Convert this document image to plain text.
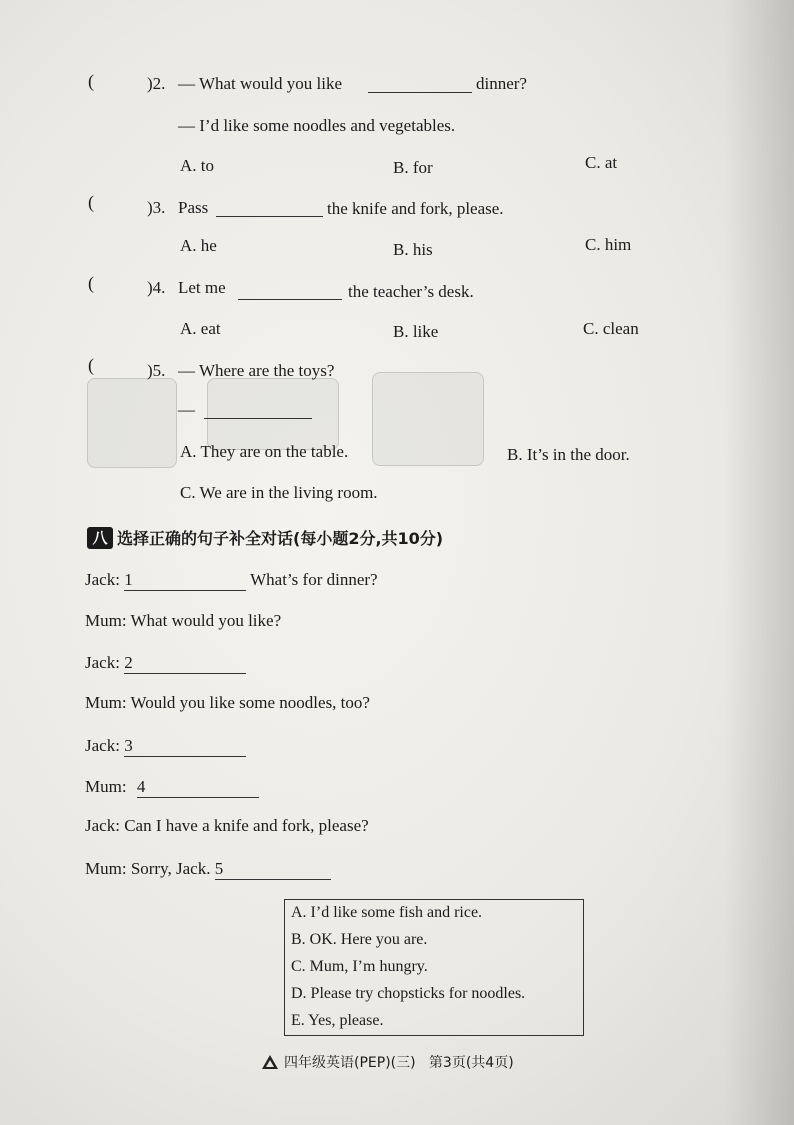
(	)2. — What would you like	dinner?
— I’d like some noodles and vegetables.
A. to	B. for	C. at
(	)3. Pass	the knife and fork, please.
A. he	B. his	C. him
(	)4. Let me	the teacher’s desk.
A. eat	B. like	C. clean
(	)5. — Where are the toys?
—
A. They are on the table.	B. It’s in the door.
C. We are in the living room.
八 选择正确的句子补全对话(每小题2分,共10分)
Jack: 1	What’s for dinner?
Mum: What would you like?
Jack: 2
Mum: Would you like some noodles, too?
Jack: 3
Mum: 4
Jack: Can I have a knife and fork, please?
Mum: Sorry, Jack. 5
A. I’d like some fish and rice.
B. OK. Here you are.
C. Mum, I’m hungry.
D. Please try chopsticks for noodles.
E. Yes, please.
四年级英语(PEP)(三)   第3页(共4页)
